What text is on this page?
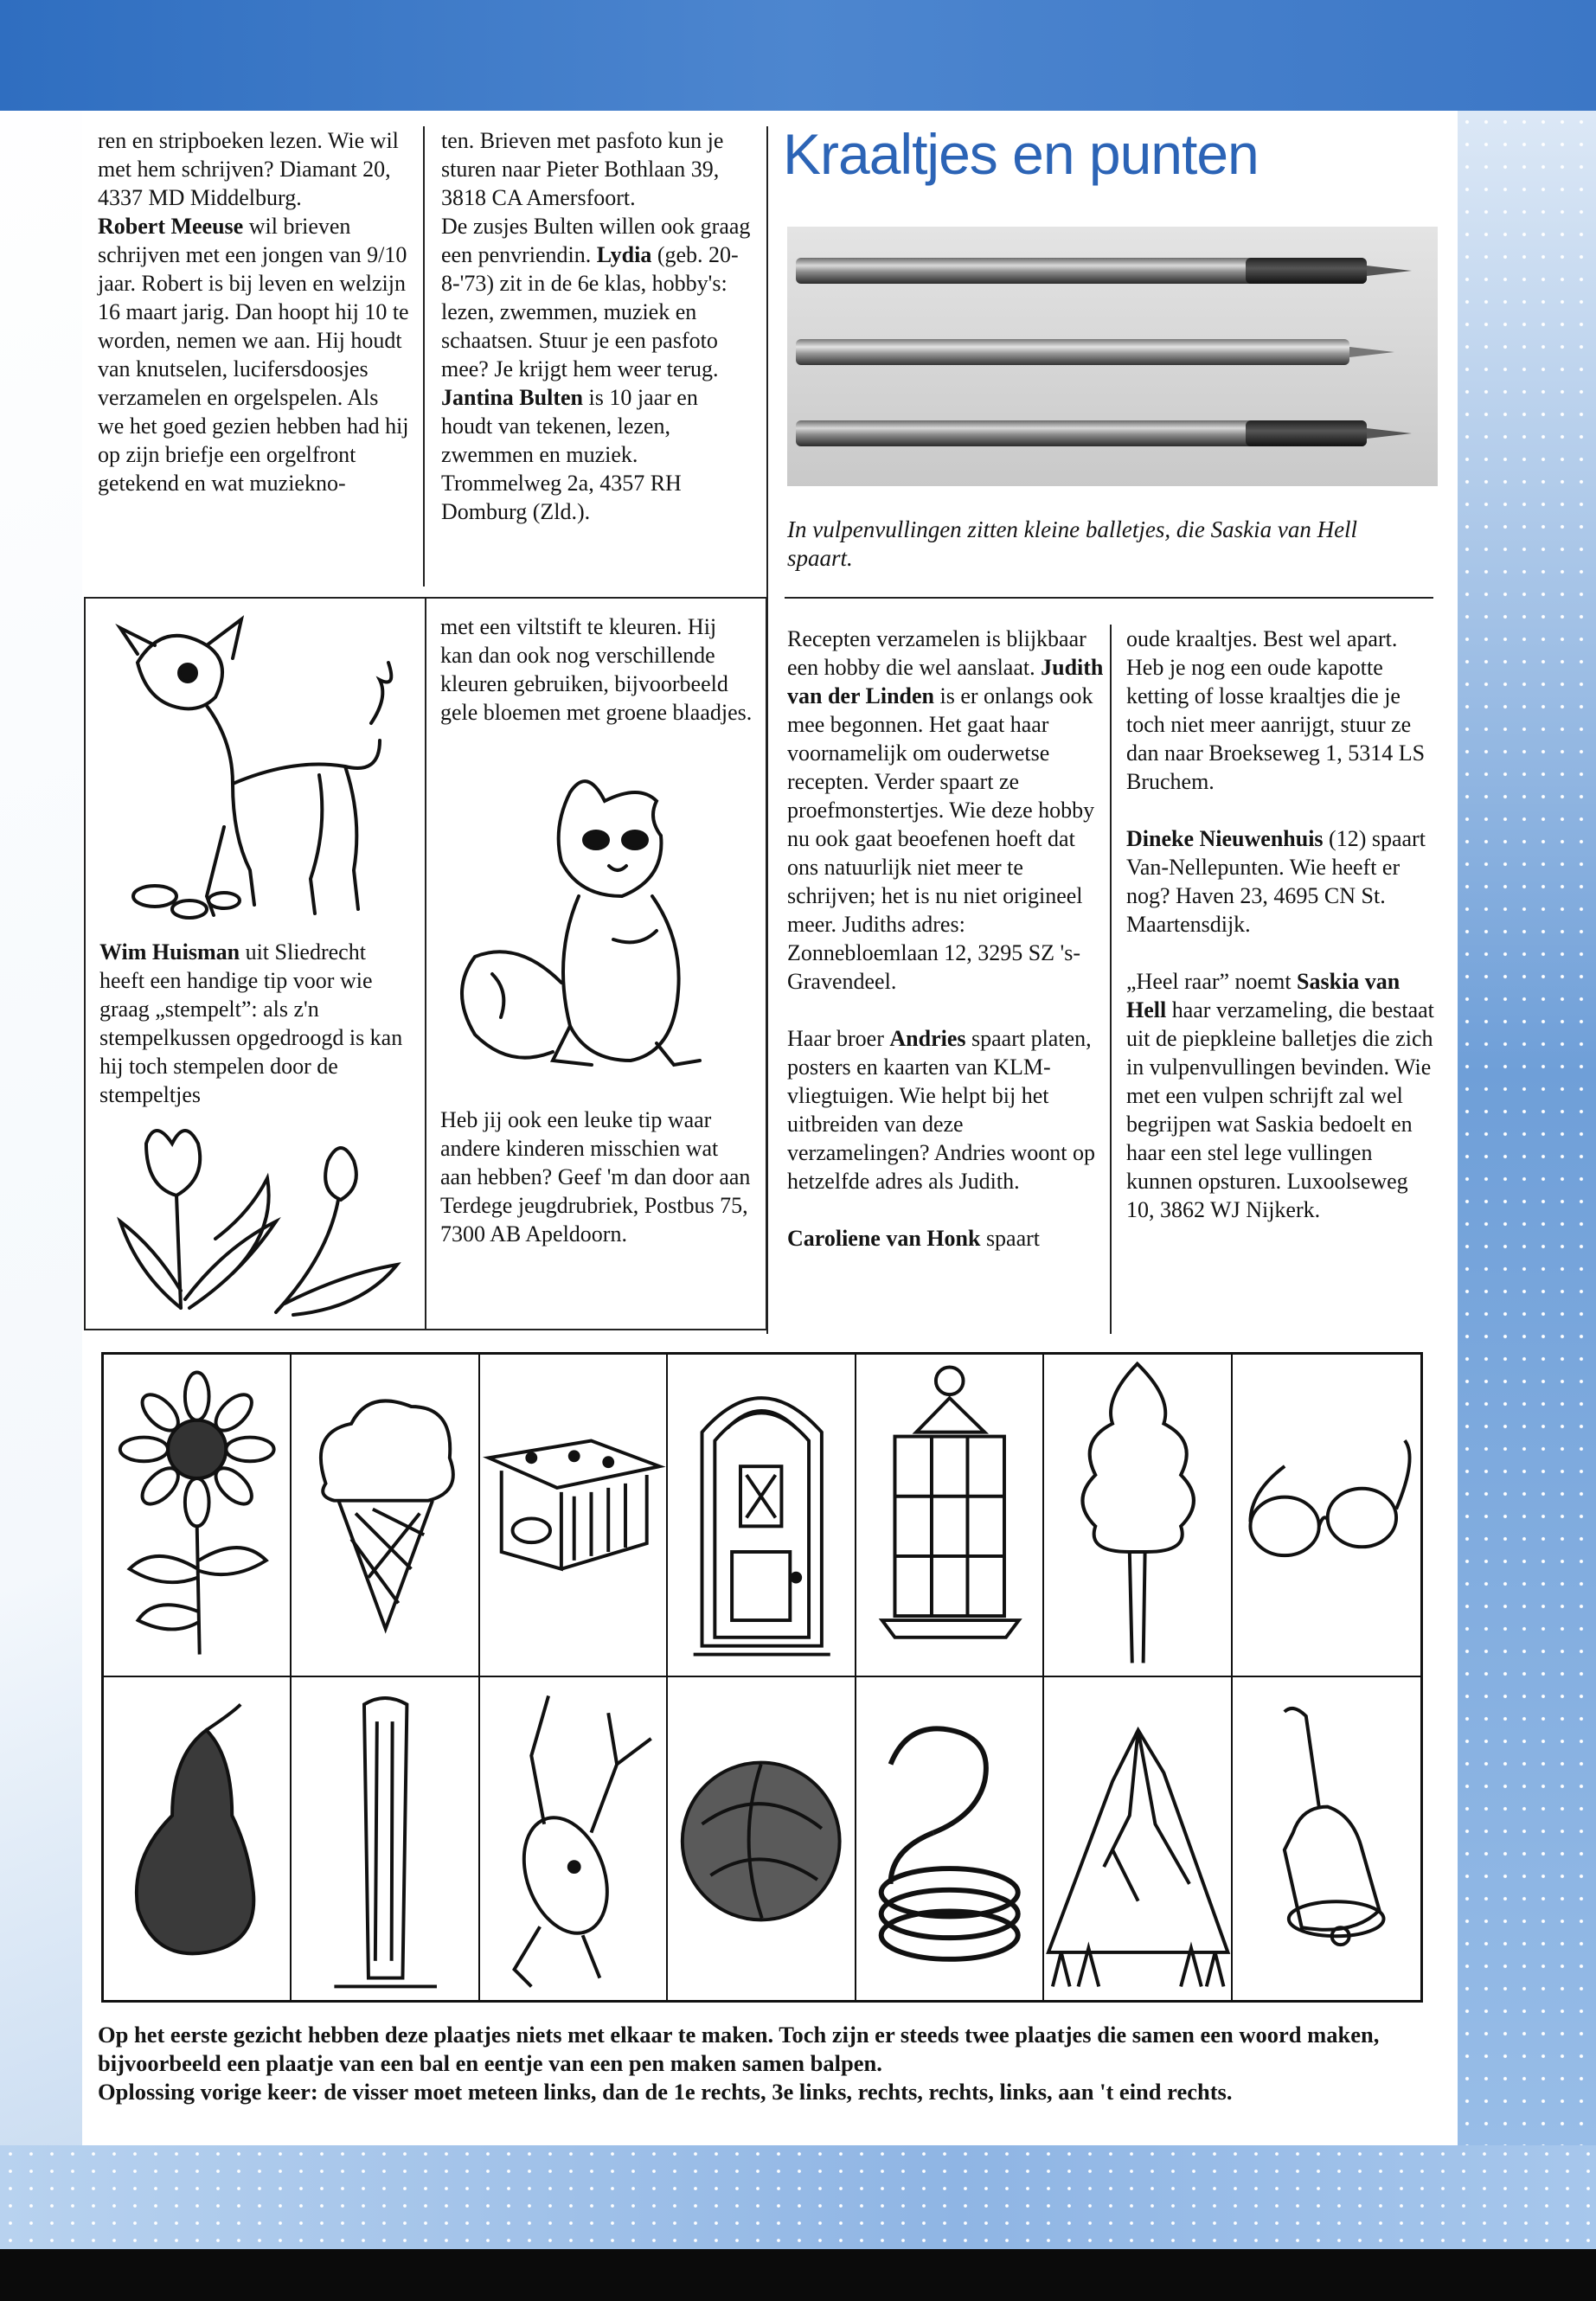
ren en stripboeken lezen. Wie wil met hem schrijven? Diamant 20, 4337 MD Middelburg.

Robert Meeuse wil brieven schrijven met een jongen van 9/10 jaar. Robert is bij leven en welzijn 16 maart jarig. Dan hoopt hij 10 te worden, nemen we aan. Hij houdt van knutselen, lucifersdoosjes verzamelen en orgelspelen. Als we het goed gezien hebben had hij op zijn briefje een orgelfront getekend en wat muziekno-

ten. Brieven met pasfoto kun je sturen naar Pieter Bothlaan 39, 3818 CA Amersfoort.

De zusjes Bulten willen ook graag een penvriendin. Lydia (geb. 20-8-'73) zit in de 6e klas, hobby's: lezen, zwemmen, muziek en schaatsen. Stuur je een pasfoto mee? Je krijgt hem weer terug. Jantina Bulten is 10 jaar en houdt van tekenen, lezen, zwemmen en muziek. Trommelweg 2a, 4357 RH Domburg (Zld.).

Kraaltjes en punten
In vulpenvullingen zitten kleine balletjes, die Saskia van Hell spaart.

Recepten verzamelen is blijkbaar een hobby die wel aanslaat. Judith van der Linden is er onlangs ook mee begonnen. Het gaat haar voornamelijk om ouderwetse recepten. Verder spaart ze proefmonstertjes. Wie deze hobby nu ook gaat beoefenen hoeft dat ons natuurlijk niet meer te schrijven; het is nu niet origineel meer. Judiths adres: Zonnebloemlaan 12, 3295 SZ 's-Gravendeel.

Haar broer Andries spaart platen, posters en kaarten van KLM-vliegtuigen. Wie helpt bij het uitbreiden van deze verzamelingen? Andries woont op hetzelfde adres als Judith.

Caroliene van Honk spaart

oude kraaltjes. Best wel apart. Heb je nog een oude kapotte ketting of losse kraaltjes die je toch niet meer aanrijgt, stuur ze dan naar Broekseweg 1, 5314 LS Bruchem.

Dineke Nieuwenhuis (12) spaart Van-Nellepunten. Wie heeft er nog? Haven 23, 4695 CN St. Maartensdijk.

„Heel raar” noemt Saskia van Hell haar verzameling, die bestaat uit de piepkleine balletjes die zich in vulpenvullingen bevinden. Wie met een vulpen schrijft zal wel begrijpen wat Saskia bedoelt en haar een stel lege vullingen kunnen opsturen. Luxoolseweg 10, 3862 WJ Nijkerk.

Wim Huisman uit Sliedrecht heeft een handige tip voor wie graag „stempelt”: als z'n stempelkussen opgedroogd is kan hij toch stempelen door de stempeltjes

met een viltstift te kleuren. Hij kan dan ook nog verschillende kleuren gebruiken, bijvoorbeeld gele bloemen met groene blaadjes.

Heb jij ook een leuke tip waar andere kinderen misschien wat aan hebben? Geef 'm dan door aan Terdege jeugdrubriek, Postbus 75, 7300 AB Apeldoorn.

Op het eerste gezicht hebben deze plaatjes niets met elkaar te maken. Toch zijn er steeds twee plaatjes die samen een woord maken, bijvoorbeeld een plaatje van een bal en eentje van een pen maken samen balpen.

Oplossing vorige keer: de visser moet meteen links, dan de 1e rechts, 3e links, rechts, rechts, links, aan 't eind rechts.
